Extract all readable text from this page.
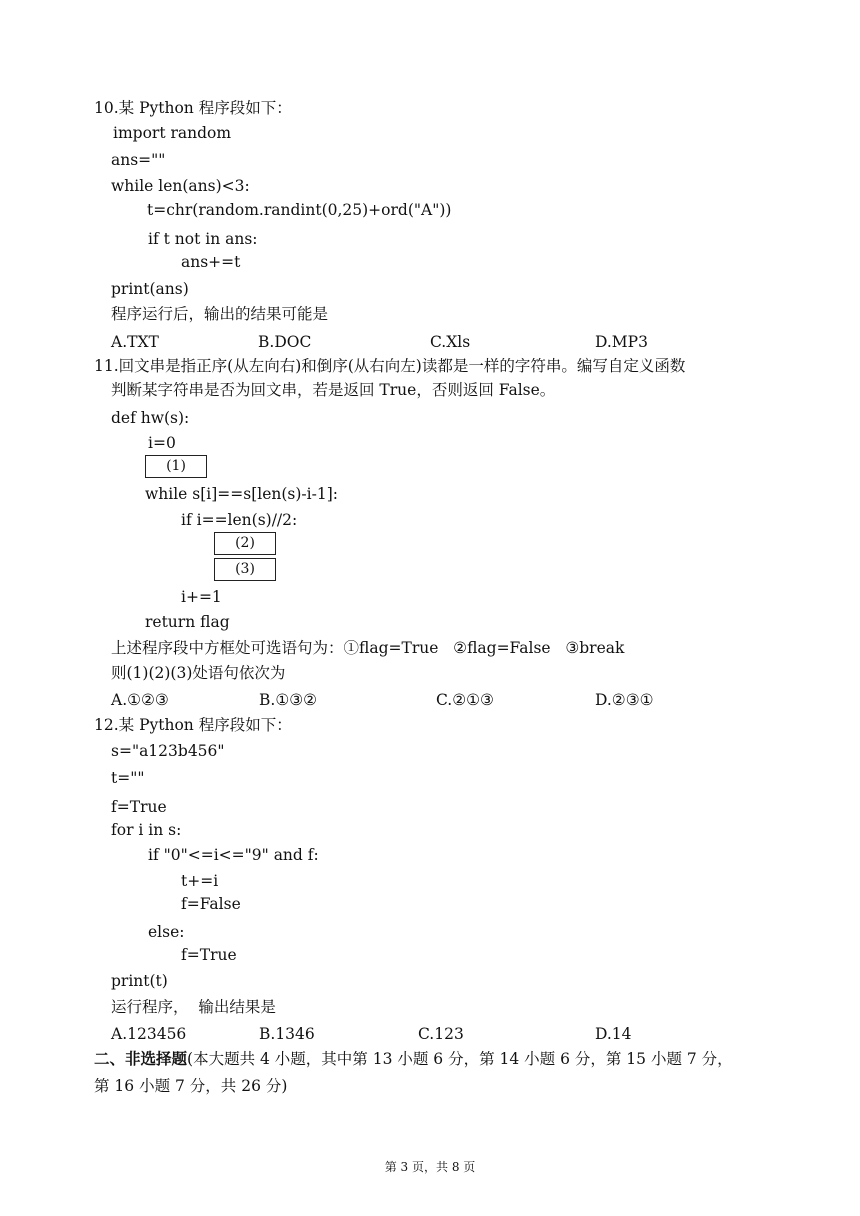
10.某 Python 程序段如下：
import random
ans=""
while len(ans)<3:
t=chr(random.randint(0,25)+ord("A"))
if t not in ans:
ans+=t
print(ans)
程序运行后，输出的结果可能是
A.TXT	B.DOC	C.Xls	D.MP3
11.回文串是指正序(从左向右)和倒序(从右向左)读都是一样的字符串。编写自定义函数
判断某字符串是否为回文串，若是返回 True，否则返回 False。
def hw(s):
i=0
(1)
while s[i]==s[len(s)-i-1]:
if i==len(s)//2:
(2)
(3)
i+=1
return flag
上述程序段中方框处可选语句为：①flag=True   ②flag=False   ③break
则(1)(2)(3)处语句依次为
A.①②③	B.①③②	C.②①③	D.②③①
12.某 Python 程序段如下：
s="a123b456"
t=""
f=True
for i in s:
if "0"<=i<="9" and f:
t+=i
f=False
else:
f=True
print(t)
运行程序，  输出结果是
A.123456	B.1346	C.123	D.14
二、非选择题(本大题共 4 小题，其中第 13 小题 6 分，第 14 小题 6 分，第 15 小题 7 分，
第 16 小题 7 分，共 26 分)
第 3 页，共 8 页
